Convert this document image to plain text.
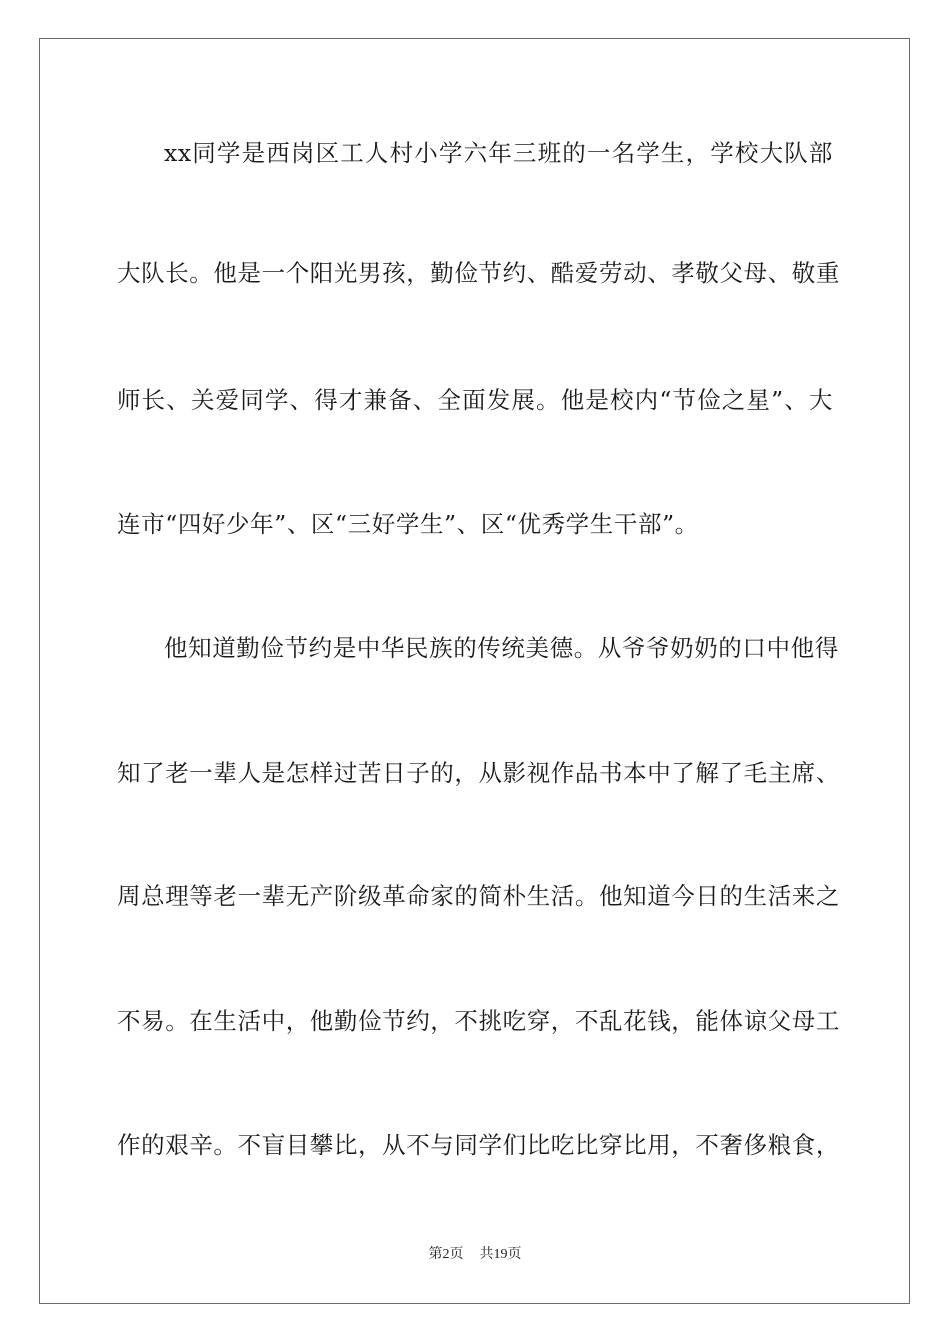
xx同学是西岗区工人村小学六年三班的一名学生，学校大队部
大队长。他是一个阳光男孩，勤俭节约、酷爱劳动、孝敬父母、敬重
师长、关爱同学、得才兼备、全面发展。他是校内“节俭之星”、大
连市“四好少年”、区“三好学生”、区“优秀学生干部”。
他知道勤俭节约是中华民族的传统美德。从爷爷奶奶的口中他得
知了老一辈人是怎样过苦日子的，从影视作品书本中了解了毛主席、
周总理等老一辈无产阶级革命家的简朴生活。他知道今日的生活来之
不易。在生活中，他勤俭节约，不挑吃穿，不乱花钱，能体谅父母工
作的艰辛。不盲目攀比，从不与同学们比吃比穿比用，不奢侈粮食，
第2页 共19页
